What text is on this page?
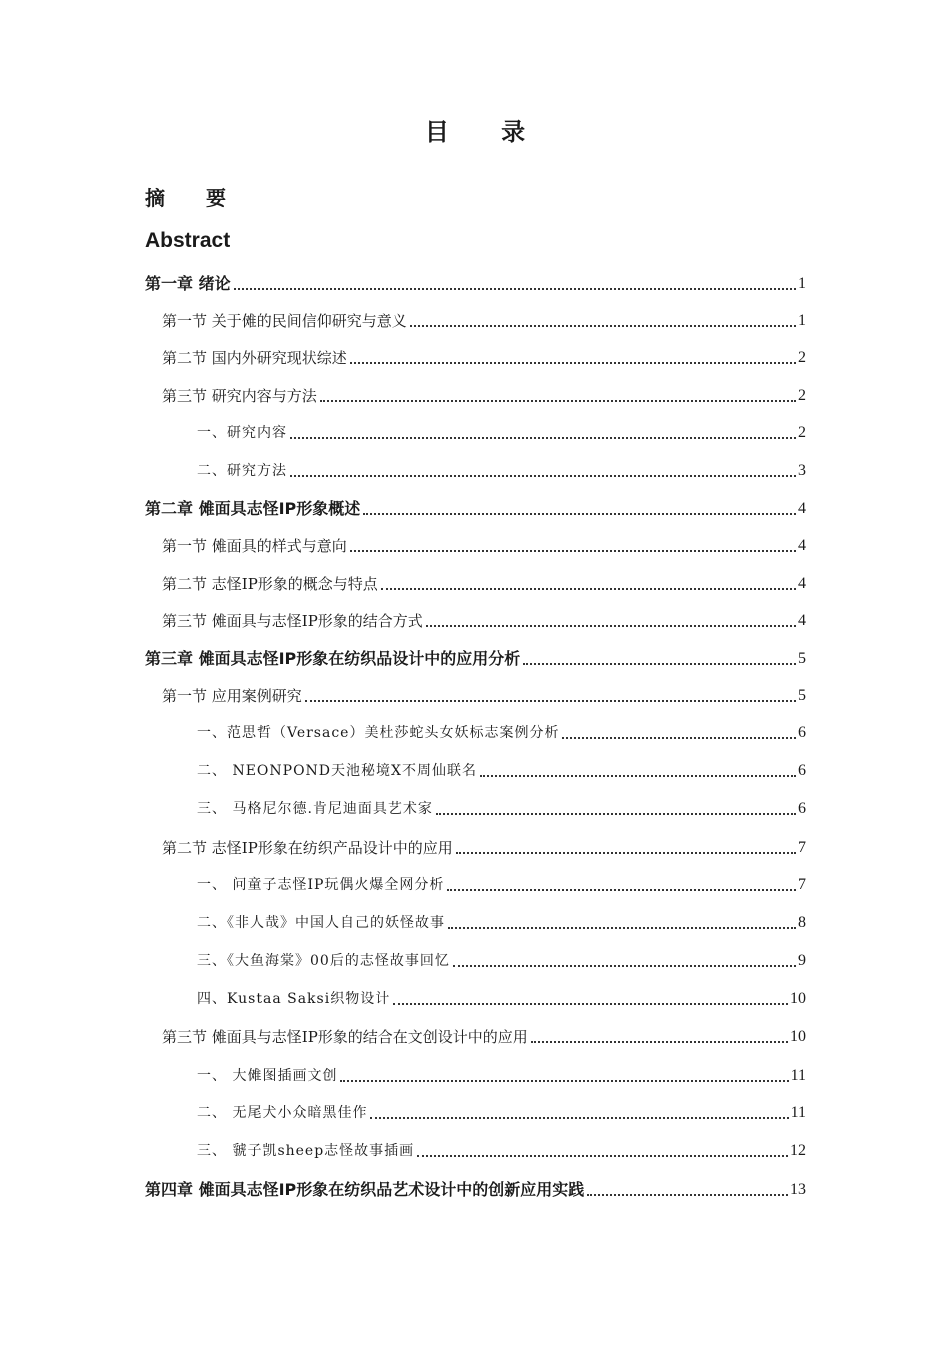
目 录
摘 要
Abstract
第一章 绪论	1
第一节 关于傩的民间信仰研究与意义	1
第二节 国内外研究现状综述	2
第三节 研究内容与方法	2
一、研究内容	2
二、研究方法	3
第二章 傩面具志怪IP形象概述	4
第一节 傩面具的样式与意向	4
第二节 志怪IP形象的概念与特点	4
第三节 傩面具与志怪IP形象的结合方式	4
第三章 傩面具志怪IP形象在纺织品设计中的应用分析	5
第一节 应用案例研究	5
一、范思哲（Versace）美杜莎蛇头女妖标志案例分析	6
二、 NEONPOND天池秘境X不周仙联名	6
三、 马格尼尔德.肯尼迪面具艺术家	6
第二节 志怪IP形象在纺织产品设计中的应用	7
一、 问童子志怪IP玩偶火爆全网分析	7
二、《非人哉》中国人自己的妖怪故事	8
三、《大鱼海棠》00后的志怪故事回忆	9
四、Kustaa Saksi织物设计	10
第三节 傩面具与志怪IP形象的结合在文创设计中的应用	10
一、 大傩图插画文创	11
二、 无尾犬小众暗黑佳作	11
三、 虢子凯sheep志怪故事插画	12
第四章 傩面具志怪IP形象在纺织品艺术设计中的创新应用实践	13
